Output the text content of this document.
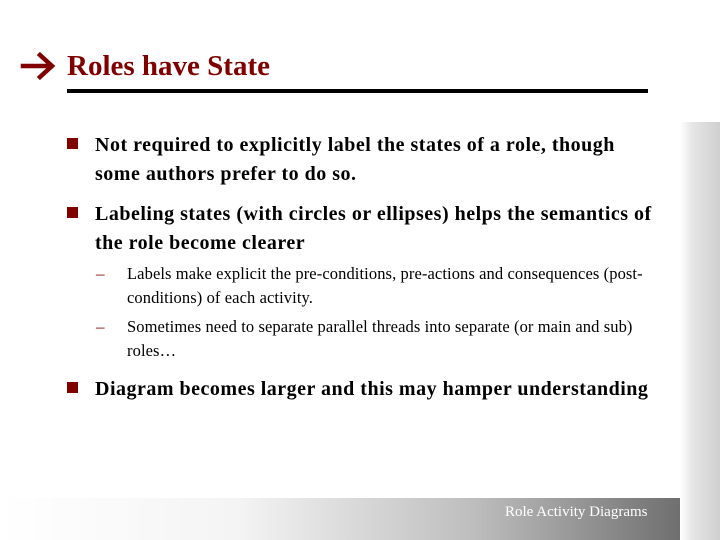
Roles have State
Not required to explicitly label the states of a role, though some authors prefer to do so.
Labeling states (with circles or ellipses) helps the semantics of the role become clearer
–	Labels make explicit the pre-conditions, pre-actions and consequences (post-conditions) of each activity.
–	Sometimes need to separate parallel threads into separate (or main and sub) roles…
Diagram becomes larger and this may hamper understanding
Role Activity Diagrams
